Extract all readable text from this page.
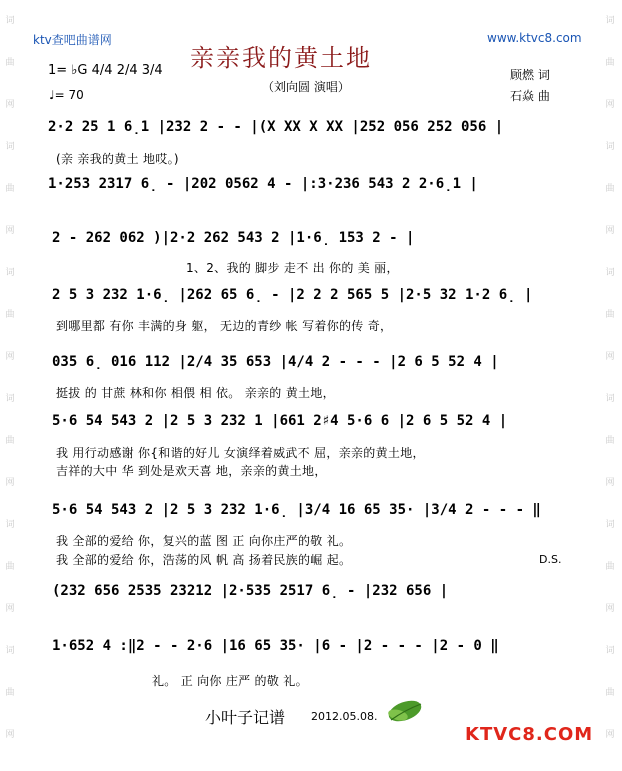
词
曲
网
词
曲
网
词
曲
网
词
曲
网
词
曲
网
词
曲
网
词
曲
网
词
曲
网
词
曲
网
词
曲
网
词
曲
网
词
曲
网
ktv查吧曲谱网	www.ktvc8.com
亲亲我的黄土地
1= ♭G 4/4 2/4 3/4
♩= 70
（刘向圆 演唱）
顾燃 词
石焱 曲
2·2 25 1 6̣1 |232 2 - - |(X XX X XX |252 056 252 056 |
(亲 亲我的黄土 地哎。)
1·253 2317 6̣ - |202 0562 4 - |:3·236 543 2 2·6̣1 |
2 - 262 062 )|2·2 262 543 2 |1·6̣ 153 2 - |
1、2、我的 脚步 走不 出 你的 美 丽，
2 5 3 232 1·6̣ |262 65 6̣ - |2 2 2 565 5 |2·5 32 1·2 6̣ |
到哪里都 有你 丰满的身 躯， 无边的青纱 帐 写着你的传 奇，
035 6̣ 016 112 |2/4 35 653 |4/4 2 - - - |2 6 5 52 4 |
挺拔 的 甘蔗 林和你 相偎 相 依。 亲亲的 黄土地，
5·6 54 543 2 |2 5 3 232 1 |661 2♯4 5·6 6 |2 6 5 52 4 |
我 用行动感谢 你{和谐的好儿 女演绎着威武不 屈，亲亲的黄土地，
吉祥的大中 华 到处是欢天喜 地，亲亲的黄土地，
5·6 54 543 2 |2 5 3 232 1·6̣ |3/4 16 65 35· |3/4 2 - - - ‖
我 全部的爱给 你，复兴的蓝 图 正 向你庄严的敬 礼。
我 全部的爱给 你，浩荡的风 帆 高 扬着民族的崛 起。	D.S.
(232 656 2535 23212 |2·535 2517 6̣ - |232 656 |
1·652 4 :‖2 - - 2·6 |16 65 35· |6 - |2 - - - |2 - 0 ‖
礼。 正 向你 庄严 的敬 礼。
小叶子记谱 2012.05.08.
KTVC8.COM
